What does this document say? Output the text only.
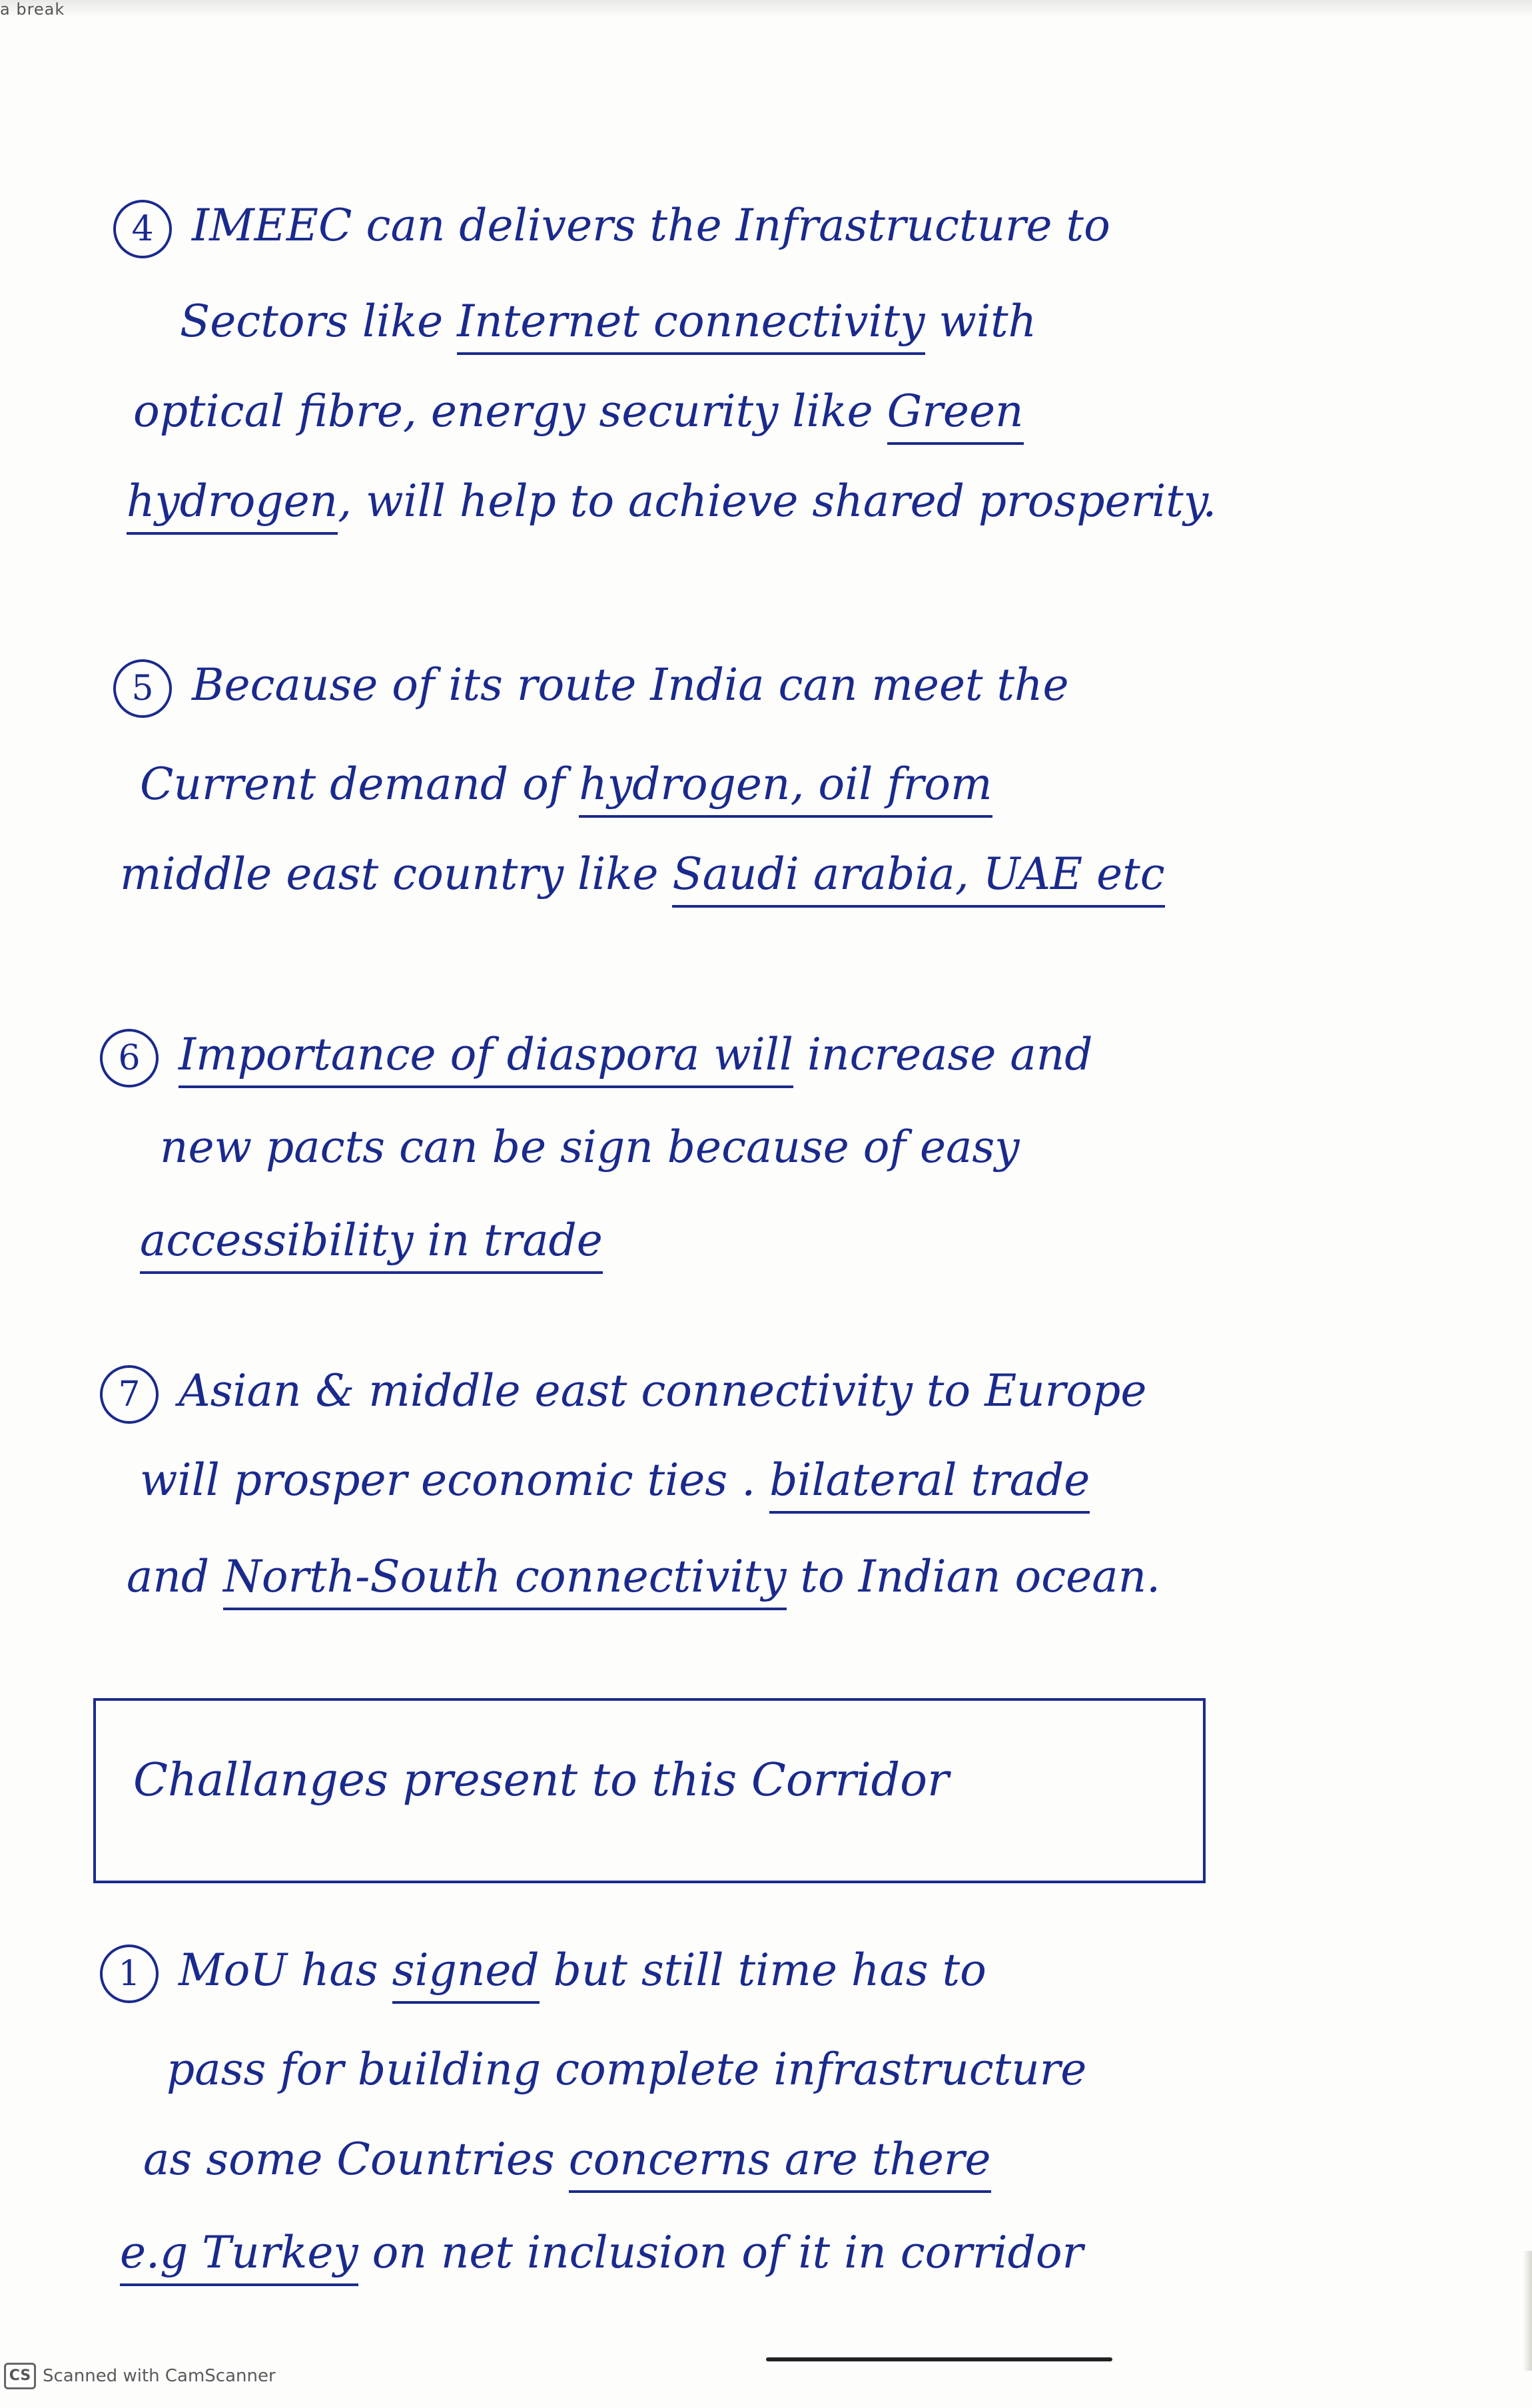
a break
4 IMEEC can delivers the Infrastructure to
Sectors like Internet connectivity with
optical fibre, energy security like Green
hydrogen, will help to achieve shared prosperity.
5 Because of its route India can meet the
Current demand of hydrogen, oil from
middle east country like Saudi arabia, UAE etc
6 Importance of diaspora will increase and
new pacts can be sign because of easy
accessibility in trade
7 Asian & middle east connectivity to Europe
will prosper economic ties . bilateral trade
and North-South connectivity to Indian ocean.
Challanges present to this Corridor
1 MoU has signed but still time has to
pass for building complete infrastructure
as some Countries concerns are there
e.g Turkey on net inclusion of it in corridor
CS Scanned with CamScanner
